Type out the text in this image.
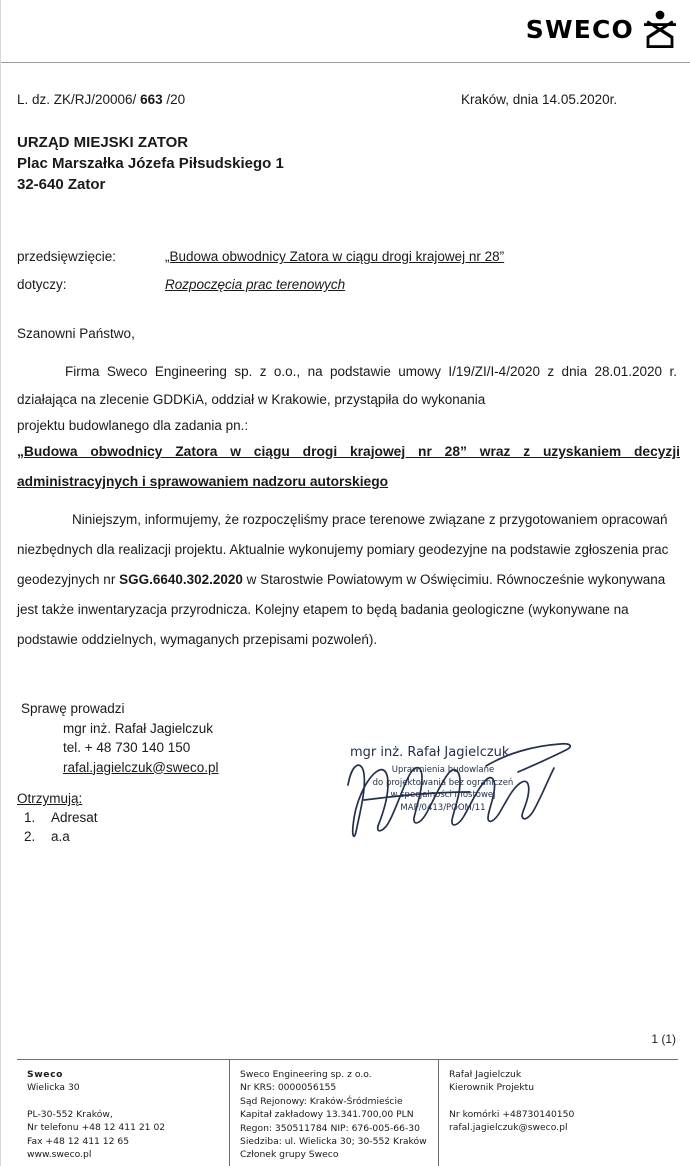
SWECO
L. dz. ZK/RJ/20006/ 663 /20	Kraków, dnia 14.05.2020r.
URZĄD MIEJSKI ZATOR
Plac Marszałka Józefa Piłsudskiego 1
32-640 Zator
przedsięwzięcie:	„Budowa obwodnicy Zatora w ciągu drogi krajowej nr 28”
dotyczy:	Rozpoczęcia prac terenowych
Szanowni Państwo,
Firma Sweco Engineering sp. z o.o., na podstawie umowy I/19/ZI/I-4/2020 z dnia 28.01.2020 r. działająca na zlecenie GDDKiA, oddział w Krakowie, przystąpiła do wykonania
projektu budowlanego dla zadania pn.:
„Budowa obwodnicy Zatora w ciągu drogi krajowej nr 28” wraz z uzyskaniem decyzji administracyjnych i sprawowaniem nadzoru autorskiego
Niniejszym, informujemy, że rozpoczęliśmy prace terenowe związane z przygotowaniem opracowań niezbędnych dla realizacji projektu. Aktualnie wykonujemy pomiary geodezyjne na podstawie zgłoszenia prac geodezyjnych nr SGG.6640.302.2020 w Starostwie Powiatowym w Oświęcimiu. Równocześnie wykonywana jest także inwentaryzacja przyrodnicza. Kolejny etapem to będą badania geologiczne (wykonywane na podstawie oddzielnych, wymaganych przepisami pozwoleń).
Sprawę prowadzi
mgr inż. Rafał Jagielczuk
tel. + 48 730 140 150
rafal.jagielczuk@sweco.pl
Otrzymują:
1. Adresat
2. a.a
mgr inż. Rafał Jagielczuk
Uprawnienia budowlane
do projektowania bez ograniczeń
w specjalności mostowej
MAP/0413/POOM/11
1 (1)
Sweco
Wielicka 30
PL-30-552 Kraków,
Nr telefonu +48 12 411 21 02
Fax +48 12 411 12 65
www.sweco.pl
Sweco Engineering sp. z o.o.
Nr KRS: 0000056155
Sąd Rejonowy: Kraków-Śródmieście
Kapitał zakładowy 13.341.700,00 PLN
Regon: 350511784 NIP: 676-005-66-30
Siedziba: ul. Wielicka 30; 30-552 Kraków
Członek grupy Sweco
Rafał Jagielczuk
Kierownik Projektu
Nr komórki +48730140150
rafal.jagielczuk@sweco.pl
